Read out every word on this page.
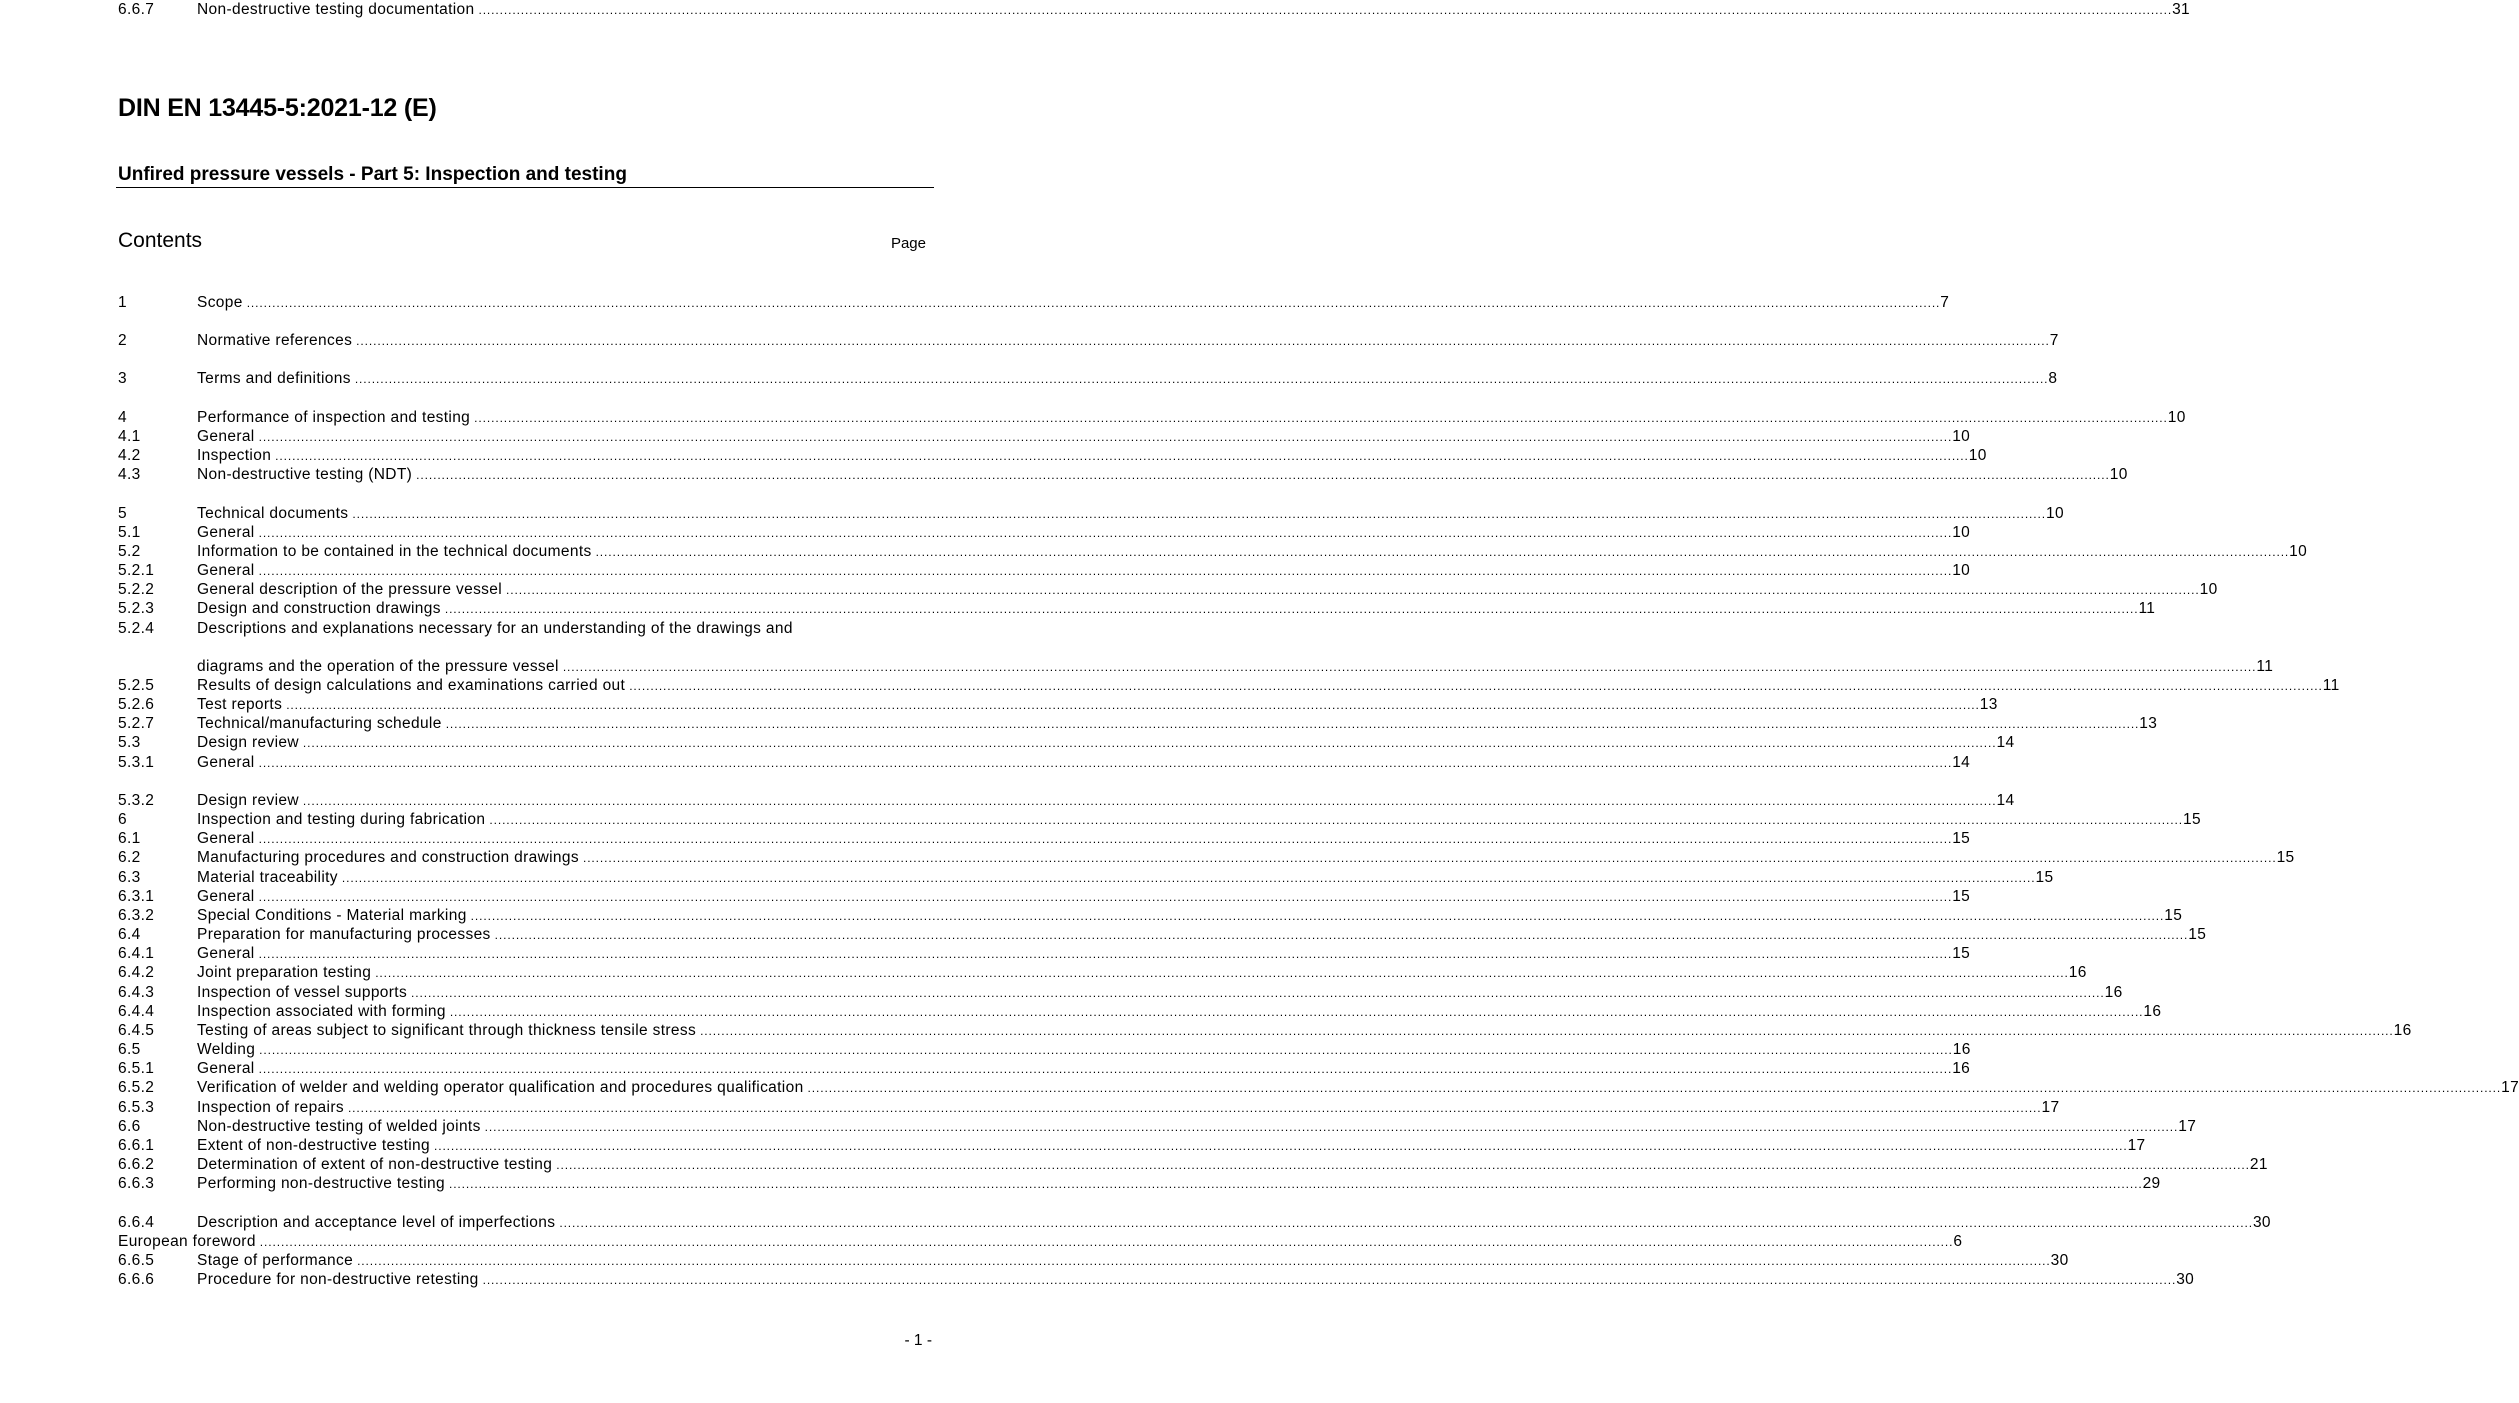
DIN EN 13445-5:2021-12 (E)
Unfired pressure vessels - Part 5: Inspection and testing
Contents	Page
1	Scope ................................................................................................................................................................................................................................................................................................................................................................................................................ 7
2	Normative references ................................................................................................................................................................................................................................................................................................................................................................................................................ 7
3	Terms and definitions ................................................................................................................................................................................................................................................................................................................................................................................................................ 8
4	Performance of inspection and testing ................................................................................................................................................................................................................................................................................................................................................................................................................ 10
4.1	General ................................................................................................................................................................................................................................................................................................................................................................................................................ 10
4.2	Inspection ................................................................................................................................................................................................................................................................................................................................................................................................................ 10
4.3	Non-destructive testing (NDT) ................................................................................................................................................................................................................................................................................................................................................................................................................ 10
5	Technical documents ................................................................................................................................................................................................................................................................................................................................................................................................................ 10
5.1	General ................................................................................................................................................................................................................................................................................................................................................................................................................ 10
5.2	Information to be contained in the technical documents ................................................................................................................................................................................................................................................................................................................................................................................................................ 10
5.2.1	General ................................................................................................................................................................................................................................................................................................................................................................................................................ 10
5.2.2	General description of the pressure vessel ................................................................................................................................................................................................................................................................................................................................................................................................................ 10
5.2.3	Design and construction drawings ................................................................................................................................................................................................................................................................................................................................................................................................................ 11
5.2.4	Descriptions and explanations necessary for an understanding of the drawings and
diagrams and the operation of the pressure vessel ................................................................................................................................................................................................................................................................................................................................................................................................................ 11
5.2.5	Results of design calculations and examinations carried out ................................................................................................................................................................................................................................................................................................................................................................................................................ 11
5.2.6	Test reports ................................................................................................................................................................................................................................................................................................................................................................................................................ 13
5.2.7	Technical/manufacturing schedule ................................................................................................................................................................................................................................................................................................................................................................................................................ 13
5.3	Design review ................................................................................................................................................................................................................................................................................................................................................................................................................ 14
5.3.1	General ................................................................................................................................................................................................................................................................................................................................................................................................................ 14
5.3.2	Design review ................................................................................................................................................................................................................................................................................................................................................................................................................ 14
6	Inspection and testing during fabrication ................................................................................................................................................................................................................................................................................................................................................................................................................ 15
6.1	General ................................................................................................................................................................................................................................................................................................................................................................................................................ 15
6.2	Manufacturing procedures and construction drawings ................................................................................................................................................................................................................................................................................................................................................................................................................ 15
6.3	Material traceability ................................................................................................................................................................................................................................................................................................................................................................................................................ 15
6.3.1	General ................................................................................................................................................................................................................................................................................................................................................................................................................ 15
6.3.2	Special Conditions - Material marking ................................................................................................................................................................................................................................................................................................................................................................................................................ 15
6.4	Preparation for manufacturing processes ................................................................................................................................................................................................................................................................................................................................................................................................................ 15
6.4.1	General ................................................................................................................................................................................................................................................................................................................................................................................................................ 15
6.4.2	Joint preparation testing ................................................................................................................................................................................................................................................................................................................................................................................................................ 16
6.4.3	Inspection of vessel supports ................................................................................................................................................................................................................................................................................................................................................................................................................ 16
6.4.4	Inspection associated with forming ................................................................................................................................................................................................................................................................................................................................................................................................................ 16
6.4.5	Testing of areas subject to significant through thickness tensile stress ................................................................................................................................................................................................................................................................................................................................................................................................................ 16
6.5	Welding ................................................................................................................................................................................................................................................................................................................................................................................................................ 16
6.5.1	General ................................................................................................................................................................................................................................................................................................................................................................................................................ 16
6.5.2	Verification of welder and welding operator qualification and procedures qualification ................................................................................................................................................................................................................................................................................................................................................................................................................ 17
6.5.3	Inspection of repairs ................................................................................................................................................................................................................................................................................................................................................................................................................ 17
6.6	Non-destructive testing of welded joints ................................................................................................................................................................................................................................................................................................................................................................................................................ 17
6.6.1	Extent of non-destructive testing ................................................................................................................................................................................................................................................................................................................................................................................................................ 17
6.6.2	Determination of extent of non-destructive testing ................................................................................................................................................................................................................................................................................................................................................................................................................ 21
6.6.3	Performing non-destructive testing ................................................................................................................................................................................................................................................................................................................................................................................................................ 29
6.6.4	Description and acceptance level of imperfections ................................................................................................................................................................................................................................................................................................................................................................................................................ 30
European foreword ................................................................................................................................................................................................................................................................................................................................................................................................................ 6
6.6.5	Stage of performance ................................................................................................................................................................................................................................................................................................................................................................................................................ 30
6.6.6	Procedure for non-destructive retesting ................................................................................................................................................................................................................................................................................................................................................................................................................ 30
6.6.7	Non-destructive testing documentation ................................................................................................................................................................................................................................................................................................................................................................................................................ 31
- 1 -
